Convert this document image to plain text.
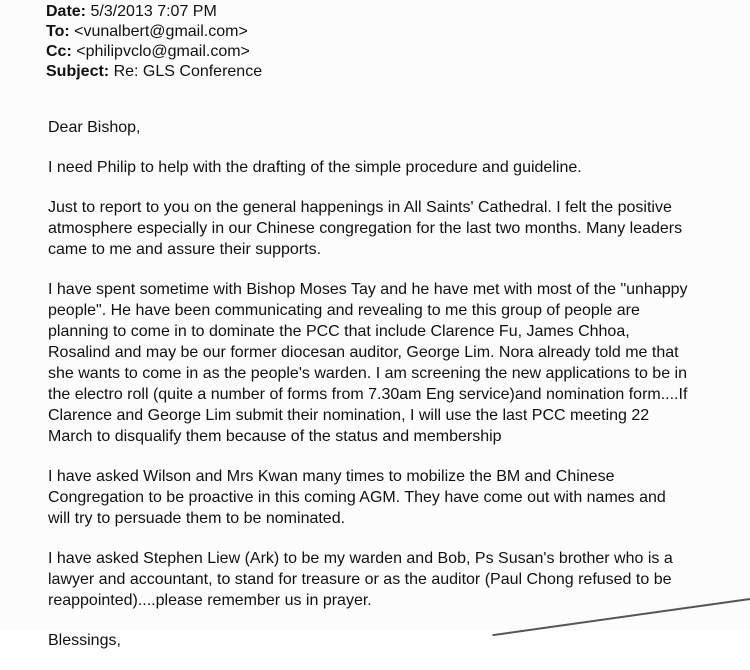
Date: 5/3/2013 7:07 PM
To: <vunalbert@gmail.com>
Cc: <philipvclo@gmail.com>
Subject: Re: GLS Conference

Dear Bishop,

I need Philip to help with the drafting of the simple procedure and guideline.

Just to report to you on the general happenings in All Saints' Cathedral. I felt the positive
atmosphere especially in our Chinese congregation for the last two months. Many leaders
came to me and assure their supports.

I have spent sometime with Bishop Moses Tay and he have met with most of the "unhappy
people". He have been communicating and revealing to me this group of people are
planning to come in to dominate the PCC that include Clarence Fu, James Chhoa,
Rosalind and may be our former diocesan auditor, George Lim. Nora already told me that
she wants to come in as the people's warden. I am screening the new applications to be in
the electro roll (quite a number of forms from 7.30am Eng service)and nomination form....If
Clarence and George Lim submit their nomination, I will use the last PCC meeting 22
March to disqualify them because of the status and membership

I have asked Wilson and Mrs Kwan many times to mobilize the BM and Chinese
Congregation to be proactive in this coming AGM. They have come out with names and
will try to persuade them to be nominated.

I have asked Stephen Liew (Ark) to be my warden and Bob, Ps Susan's brother who is a
lawyer and accountant, to stand for treasure or as the auditor (Paul Chong refused to be
reappointed)....please remember us in prayer.

Blessings,
